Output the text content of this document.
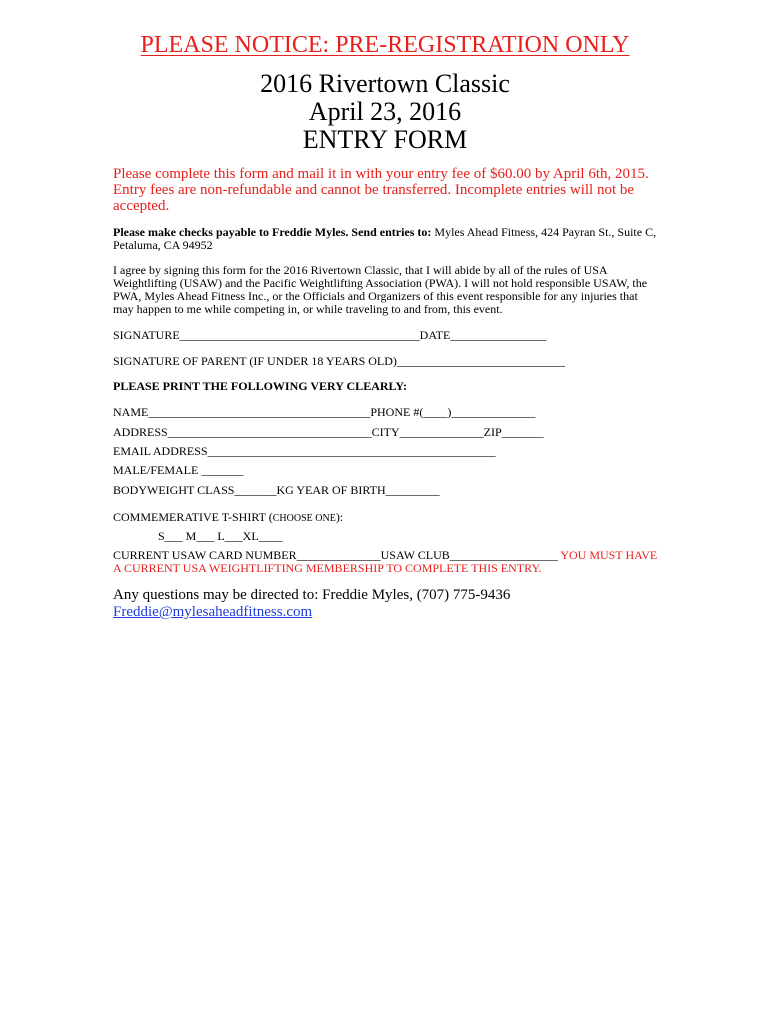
PLEASE NOTICE: PRE-REGISTRATION ONLY
2016 Rivertown Classic
April 23, 2016
ENTRY FORM
Please complete this form and mail it in with your entry fee of $60.00 by April 6th, 2015. Entry fees are non-refundable and cannot be transferred. Incomplete entries will not be accepted.
Please make checks payable to Freddie Myles. Send entries to: Myles Ahead Fitness, 424 Payran St., Suite C, Petaluma, CA 94952
I agree by signing this form for the 2016 Rivertown Classic, that I will abide by all of the rules of USA Weightlifting (USAW) and the Pacific Weightlifting Association (PWA). I will not hold responsible USAW, the PWA, Myles Ahead Fitness Inc., or the Officials and Organizers of this event responsible for any injuries that may happen to me while competing in, or while traveling to and from, this event.
SIGNATURE________________________________________DATE________________
SIGNATURE OF PARENT (IF UNDER 18 YEARS OLD)____________________________
PLEASE PRINT THE FOLLOWING VERY CLEARLY:
NAME_____________________________________PHONE #(____)______________
ADDRESS__________________________________CITY______________ZIP_______
EMAIL ADDRESS________________________________________________
MALE/FEMALE _______
BODYWEIGHT CLASS_______KG YEAR OF BIRTH_________
COMMEMERATIVE T-SHIRT (CHOOSE ONE):
S___ M___ L___XL____
CURRENT USAW CARD NUMBER______________USAW CLUB__________________ YOU MUST HAVE A CURRENT USA WEIGHTLIFTING MEMBERSHIP TO COMPLETE THIS ENTRY.
Any questions may be directed to: Freddie Myles, (707) 775-9436
Freddie@mylesaheadfitness.com
